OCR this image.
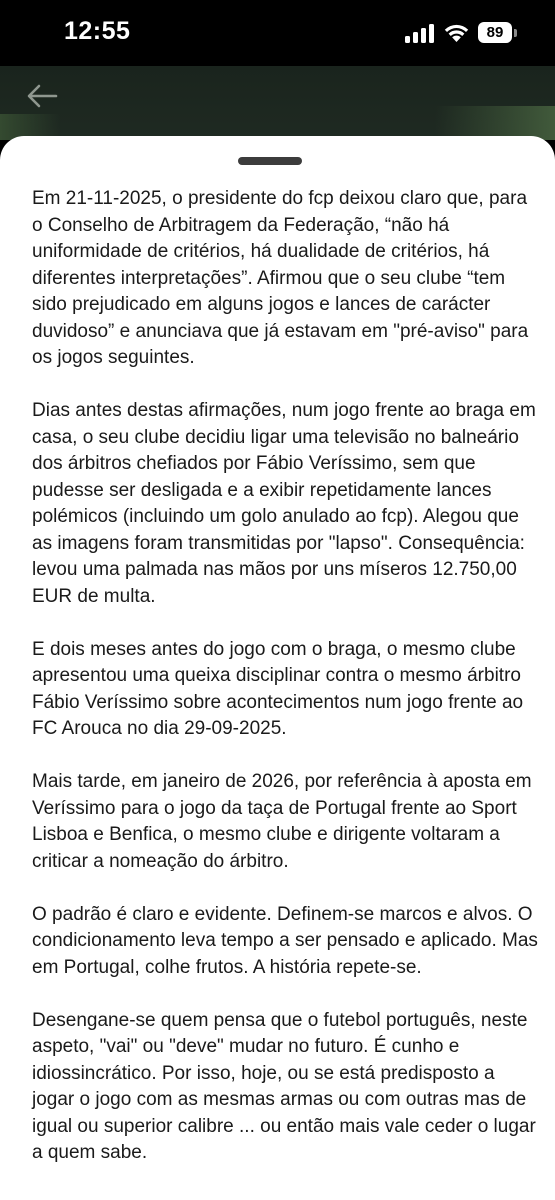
12:55	89

Em 21-11-2025, o presidente do fcp deixou claro que, para o Conselho de Arbitragem da Federação, “não há uniformidade de critérios, há dualidade de critérios, há diferentes interpretações”. Afirmou que o seu clube “tem sido prejudicado em alguns jogos e lances de carácter duvidoso” e anunciava que já estavam em "pré-aviso" para os jogos seguintes.

Dias antes destas afirmações, num jogo frente ao braga em casa, o seu clube decidiu ligar uma televisão no balneário dos árbitros chefiados por Fábio Veríssimo, sem que pudesse ser desligada e a exibir repetidamente lances polémicos (incluindo um golo anulado ao fcp). Alegou que as imagens foram transmitidas por "lapso". Consequência: levou uma palmada nas mãos por uns míseros 12.750,00 EUR de multa.

E dois meses antes do jogo com o braga, o mesmo clube apresentou uma queixa disciplinar contra o mesmo árbitro Fábio Veríssimo sobre acontecimentos num jogo frente ao FC Arouca no dia 29-09-2025.

Mais tarde, em janeiro de 2026, por referência à aposta em Veríssimo para o jogo da taça de Portugal frente ao Sport Lisboa e Benfica, o mesmo clube e dirigente voltaram a criticar a nomeação do árbitro.

O padrão é claro e evidente. Definem-se marcos e alvos. O condicionamento leva tempo a ser pensado e aplicado. Mas em Portugal, colhe frutos. A história repete-se.

Desengane-se quem pensa que o futebol português, neste aspeto, "vai" ou "deve" mudar no futuro. É cunho e idiossincrático. Por isso, hoje, ou se está predisposto a jogar o jogo com as mesmas armas ou com outras mas de igual ou superior calibre ... ou então mais vale ceder o lugar a quem sabe.
